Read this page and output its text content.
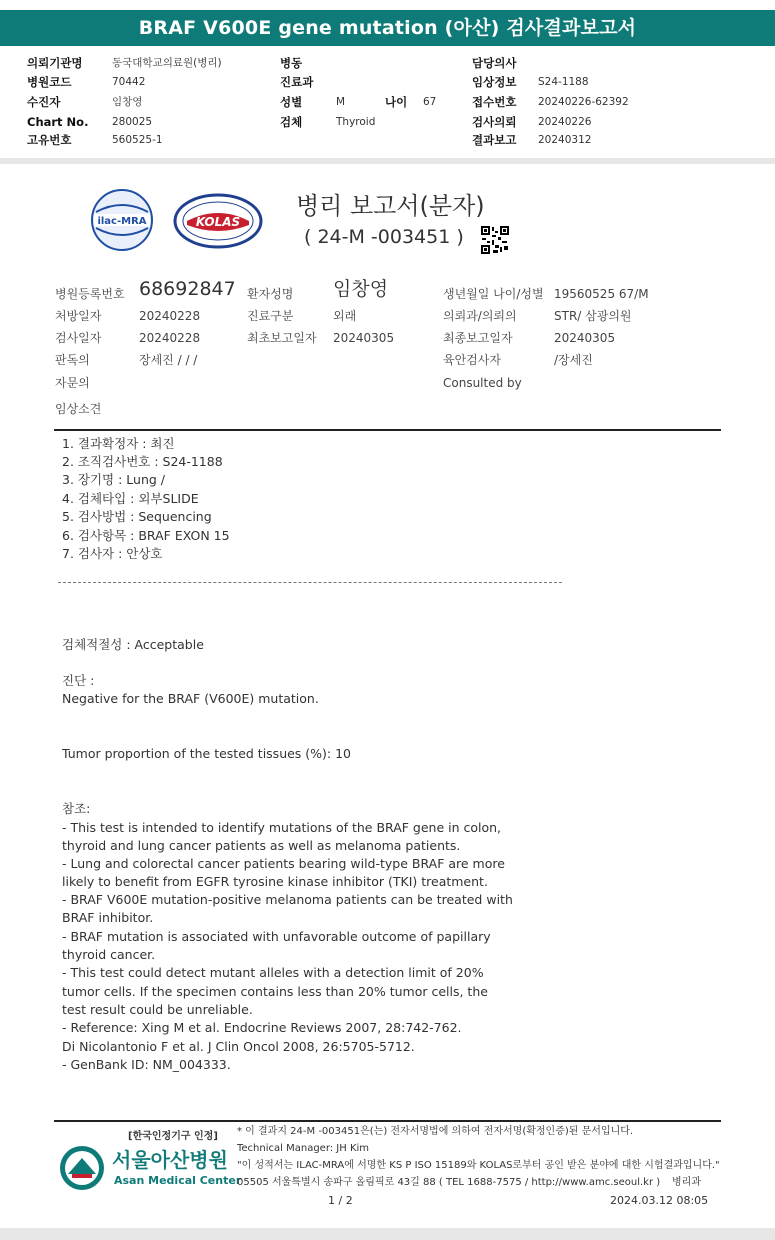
BRAF V600E gene mutation (아산) 검사결과보고서
의뢰기관명	동국대학교의료원(병리)
병원코드	70442
수진자	임창영
Chart No. 280025
고유번호	560525-1
병동
진료과
성별	M	나이 67
검체	Thyroid
담당의사
임상정보 S24-1188
접수번호 20240226-62392
검사의뢰 20240226
결과보고 20240312
ilac-MRA	KOLAS
병리 보고서(분자)
( 24-M -003451 )
병원등록번호 68692847 환자성명 임창영	생년월일 나이/성별 19560525 67/M
처방일자	20240228	진료구분	외래	의뢰과/의뢰의	STR/ 삼광의원
검사일자	20240228	최초보고일자 20240305	최종보고일자	20240305
판독의	장세진 / / /	육안검사자	/장세진
자문의	Consulted by
임상소견
1. 결과확정자 : 최진
2. 조직검사번호 : S24-1188
3. 장기명 : Lung /
4. 검체타입 : 외부SLIDE
5. 검사방법 : Sequencing
6. 검사항목 : BRAF EXON 15
7. 검사자 : 안상호
검체적절성 : Acceptable
진단 :
Negative for the BRAF (V600E) mutation.
Tumor proportion of the tested tissues (%): 10
참조:
- This test is intended to identify mutations of the BRAF gene in colon,
thyroid and lung cancer patients as well as melanoma patients.
- Lung and colorectal cancer patients bearing wild-type BRAF are more
likely to benefit from EGFR tyrosine kinase inhibitor (TKI) treatment.
- BRAF V600E mutation-positive melanoma patients can be treated with
BRAF inhibitor.
- BRAF mutation is associated with unfavorable outcome of papillary
thyroid cancer.
- This test could detect mutant alleles with a detection limit of 20%
tumor cells. If the specimen contains less than 20% tumor cells, the
test result could be unreliable.
- Reference: Xing M et al. Endocrine Reviews 2007, 28:742-762.
Di Nicolantonio F et al. J Clin Oncol 2008, 26:5705-5712.
- GenBank ID: NM_004333.
[한국인정기구 인정]
서울아산병원
Asan Medical Center
* 이 결과지 24-M -003451은(는) 전자서명법에 의하여 전자서명(확정인증)된 문서입니다.
Technical Manager: JH Kim
"이 성적서는 ILAC-MRA에 서명한 KS P ISO 15189와 KOLAS로부터 공인 받은 분야에 대한 시험결과입니다."
05505 서울특별시 송파구 올림픽로 43길 88 ( TEL 1688-7575 / http://www.amc.seoul.kr ) 병리과
1 / 2	2024.03.12 08:05
